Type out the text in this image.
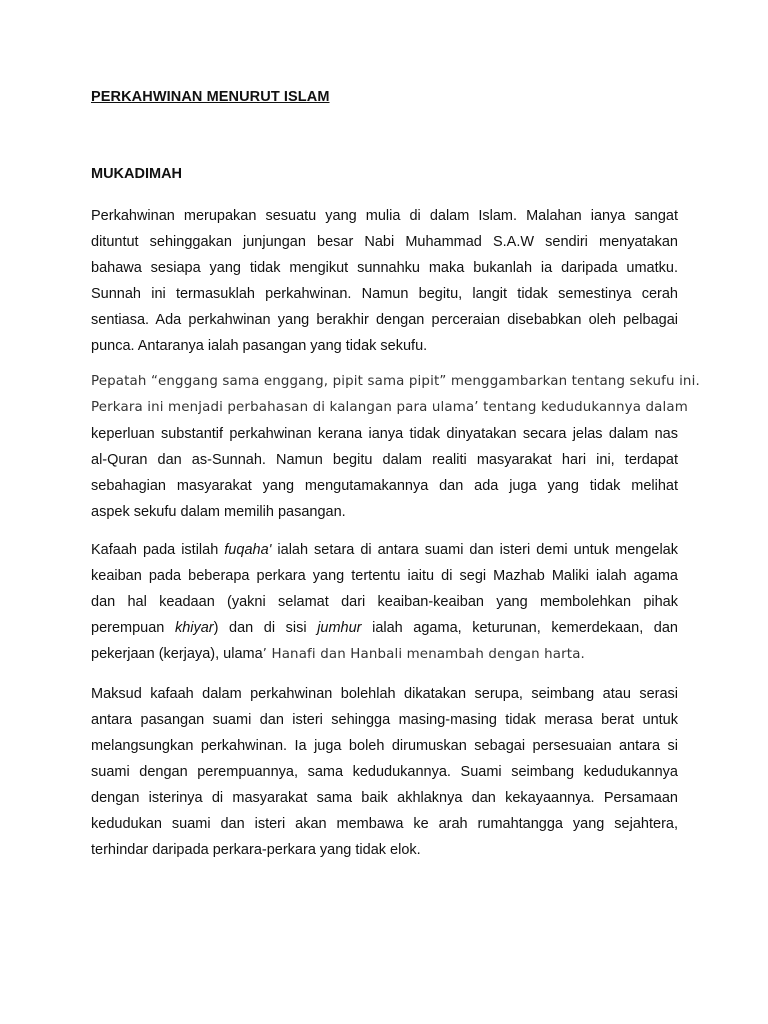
PERKAHWINAN MENURUT ISLAM
MUKADIMAH
Perkahwinan merupakan sesuatu yang mulia di dalam Islam. Malahan ianya sangat
dituntut sehinggakan junjungan besar Nabi Muhammad S.A.W sendiri menyatakan
bahawa sesiapa yang tidak mengikut sunnahku maka bukanlah ia daripada umatku.
Sunnah ini termasuklah perkahwinan. Namun begitu, langit tidak semestinya cerah
sentiasa. Ada perkahwinan yang berakhir dengan perceraian disebabkan oleh pelbagai
punca. Antaranya ialah pasangan yang tidak sekufu.
Pepatah “enggang sama enggang, pipit sama pipit” menggambarkan tentang sekufu ini.
Perkara ini menjadi perbahasan di kalangan para ulama’ tentang kedudukannya dalam
keperluan substantif perkahwinan kerana ianya tidak dinyatakan secara jelas dalam nas
al-Quran dan as-Sunnah. Namun begitu dalam realiti masyarakat hari ini, terdapat
sebahagian masyarakat yang mengutamakannya dan ada juga yang tidak melihat
aspek sekufu dalam memilih pasangan.
Kafaah pada istilah fuqaha' ialah setara di antara suami dan isteri demi untuk mengelak
keaiban pada beberapa perkara yang tertentu iaitu di segi Mazhab Maliki ialah agama
dan hal keadaan (yakni selamat dari keaiban-keaiban yang membolehkan pihak
perempuan khiyar) dan di sisi jumhur ialah agama, keturunan, kemerdekaan, dan
pekerjaan (kerjaya), ulama’ Hanafi dan Hanbali menambah dengan harta.
Maksud kafaah dalam perkahwinan bolehlah dikatakan serupa, seimbang atau serasi
antara pasangan suami dan isteri sehingga masing-masing tidak merasa berat untuk
melangsungkan perkahwinan. Ia juga boleh dirumuskan sebagai persesuaian antara si
suami dengan perempuannya, sama kedudukannya. Suami seimbang kedudukannya
dengan isterinya di masyarakat sama baik akhlaknya dan kekayaannya. Persamaan
kedudukan suami dan isteri akan membawa ke arah rumahtangga yang sejahtera,
terhindar daripada perkara-perkara yang tidak elok.
